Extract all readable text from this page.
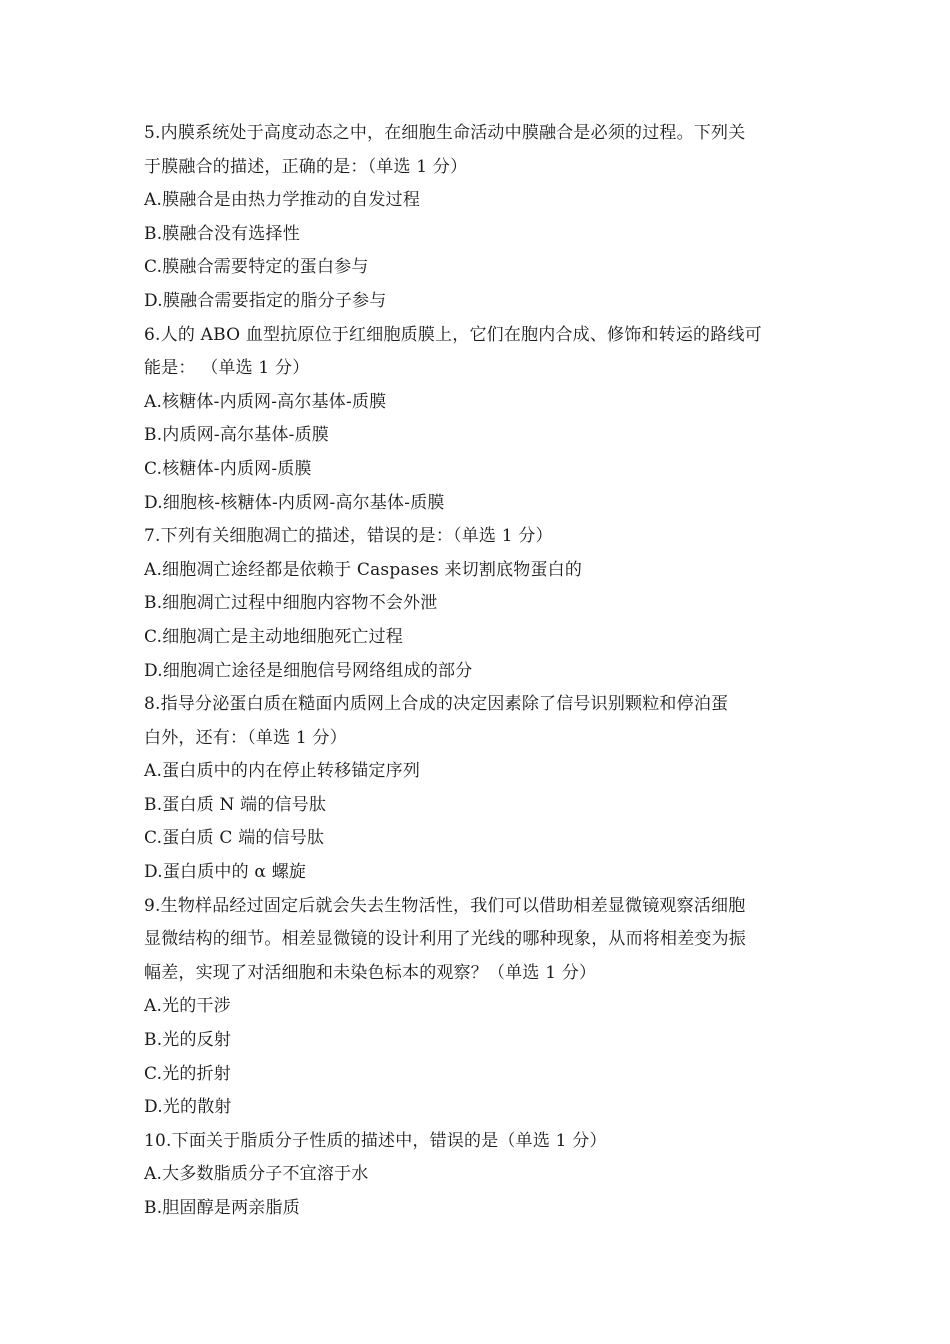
5.内膜系统处于高度动态之中，在细胞生命活动中膜融合是必须的过程。下列关
于膜融合的描述，正确的是：（单选 1 分）
A.膜融合是由热力学推动的自发过程
B.膜融合没有选择性
C.膜融合需要特定的蛋白参与
D.膜融合需要指定的脂分子参与
6.人的 ABO 血型抗原位于红细胞质膜上，它们在胞内合成、修饰和转运的路线可
能是： （单选 1 分）
A.核糖体-内质网-高尔基体-质膜
B.内质网-高尔基体-质膜
C.核糖体-内质网-质膜
D.细胞核-核糖体-内质网-高尔基体-质膜
7.下列有关细胞凋亡的描述，错误的是：（单选 1 分）
A.细胞凋亡途经都是依赖于 Caspases 来切割底物蛋白的
B.细胞凋亡过程中细胞内容物不会外泄
C.细胞凋亡是主动地细胞死亡过程
D.细胞凋亡途径是细胞信号网络组成的部分
8.指导分泌蛋白质在糙面内质网上合成的决定因素除了信号识别颗粒和停泊蛋
白外，还有：（单选 1 分）
A.蛋白质中的内在停止转移锚定序列
B.蛋白质 N 端的信号肽
C.蛋白质 C 端的信号肽
D.蛋白质中的 α 螺旋
9.生物样品经过固定后就会失去生物活性，我们可以借助相差显微镜观察活细胞
显微结构的细节。相差显微镜的设计利用了光线的哪种现象，从而将相差变为振
幅差，实现了对活细胞和未染色标本的观察？（单选 1 分）
A.光的干涉
B.光的反射
C.光的折射
D.光的散射
10.下面关于脂质分子性质的描述中，错误的是（单选 1 分）
A.大多数脂质分子不宜溶于水
B.胆固醇是两亲脂质
